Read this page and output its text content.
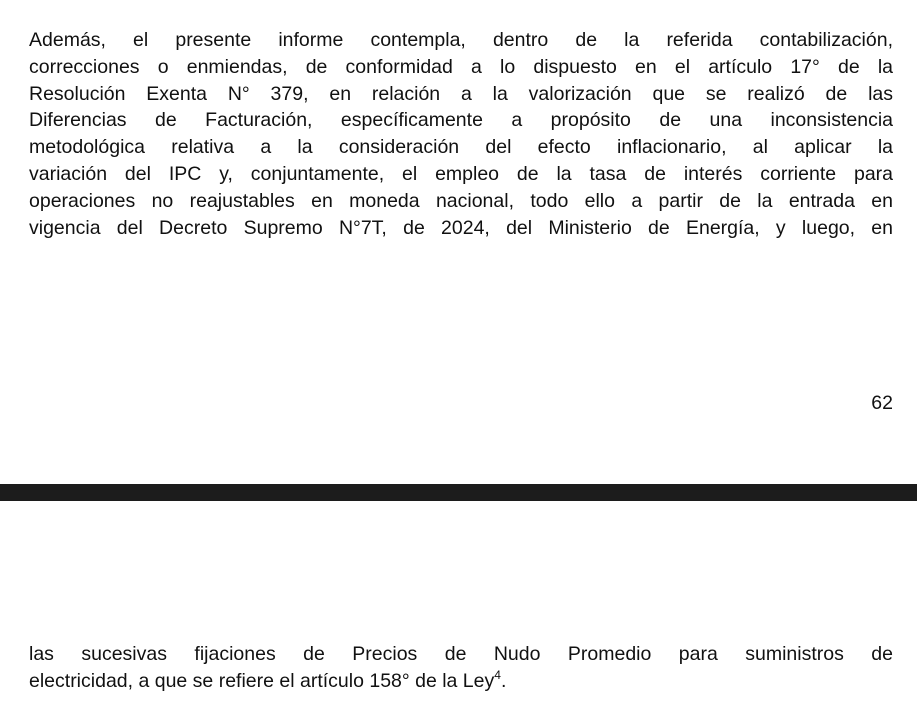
Además, el presente informe contempla, dentro de la referida contabilización,
correcciones o enmiendas, de conformidad a lo dispuesto en el artículo 17° de la
Resolución Exenta N° 379, en relación a la valorización que se realizó de las
Diferencias de Facturación, específicamente a propósito de una inconsistencia
metodológica relativa a la consideración del efecto inflacionario, al aplicar la
variación del IPC y, conjuntamente, el empleo de la tasa de interés corriente para
operaciones no reajustables en moneda nacional, todo ello a partir de la entrada en
vigencia del Decreto Supremo N°7T, de 2024, del Ministerio de Energía, y luego, en

62

las sucesivas fijaciones de Precios de Nudo Promedio para suministros de
electricidad, a que se refiere el artículo 158° de la Ley$^4$.
